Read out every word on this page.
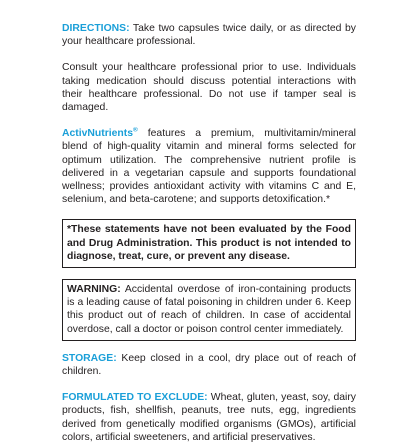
DIRECTIONS: Take two capsules twice daily, or as directed by your healthcare professional.

Consult your healthcare professional prior to use. Individuals taking medication should discuss potential interactions with their healthcare professional. Do not use if tamper seal is damaged.

ActivNutrients® features a premium, multivitamin/mineral blend of high-quality vitamin and mineral forms selected for optimum utilization. The comprehensive nutrient profile is delivered in a vegetarian capsule and supports foundational wellness; provides antioxidant activity with vitamins C and E, selenium, and beta-carotene; and supports detoxification.*

*These statements have not been evaluated by the Food and Drug Administration. This product is not intended to diagnose, treat, cure, or prevent any disease.

WARNING: Accidental overdose of iron-containing products is a leading cause of fatal poisoning in children under 6. Keep this product out of reach of children. In case of accidental overdose, call a doctor or poison control center immediately.

STORAGE: Keep closed in a cool, dry place out of reach of children.

FORMULATED TO EXCLUDE: Wheat, gluten, yeast, soy, dairy products, fish, shellfish, peanuts, tree nuts, egg, ingredients derived from genetically modified organisms (GMOs), artificial colors, artificial sweeteners, and artificial preservatives.
